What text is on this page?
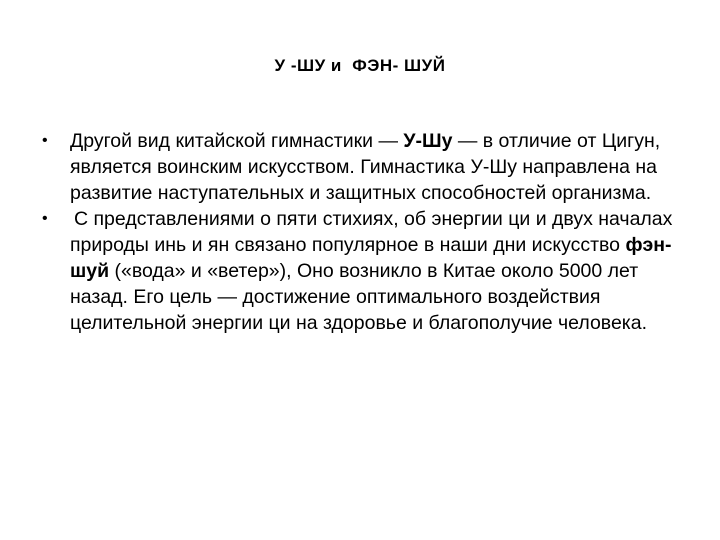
У -ШУ и  ФЭН- ШУЙ
• Другой вид китайской гимнастики — У-Шу — в отличие от Цигун, является воинским искусством. Гимнастика У-Шу направлена на развитие наступательных и защитных способностей организма.
• С представлениями о пяти стихиях, об энергии ци и двух началах природы инь и ян связано популярное в наши дни искусство фэн-шуй («вода» и «ветер»), Оно возникло в Китае около 5000 лет назад. Его цель — достижение оптимального воздействия целительной энергии ци на здоровье и благополучие человека.
